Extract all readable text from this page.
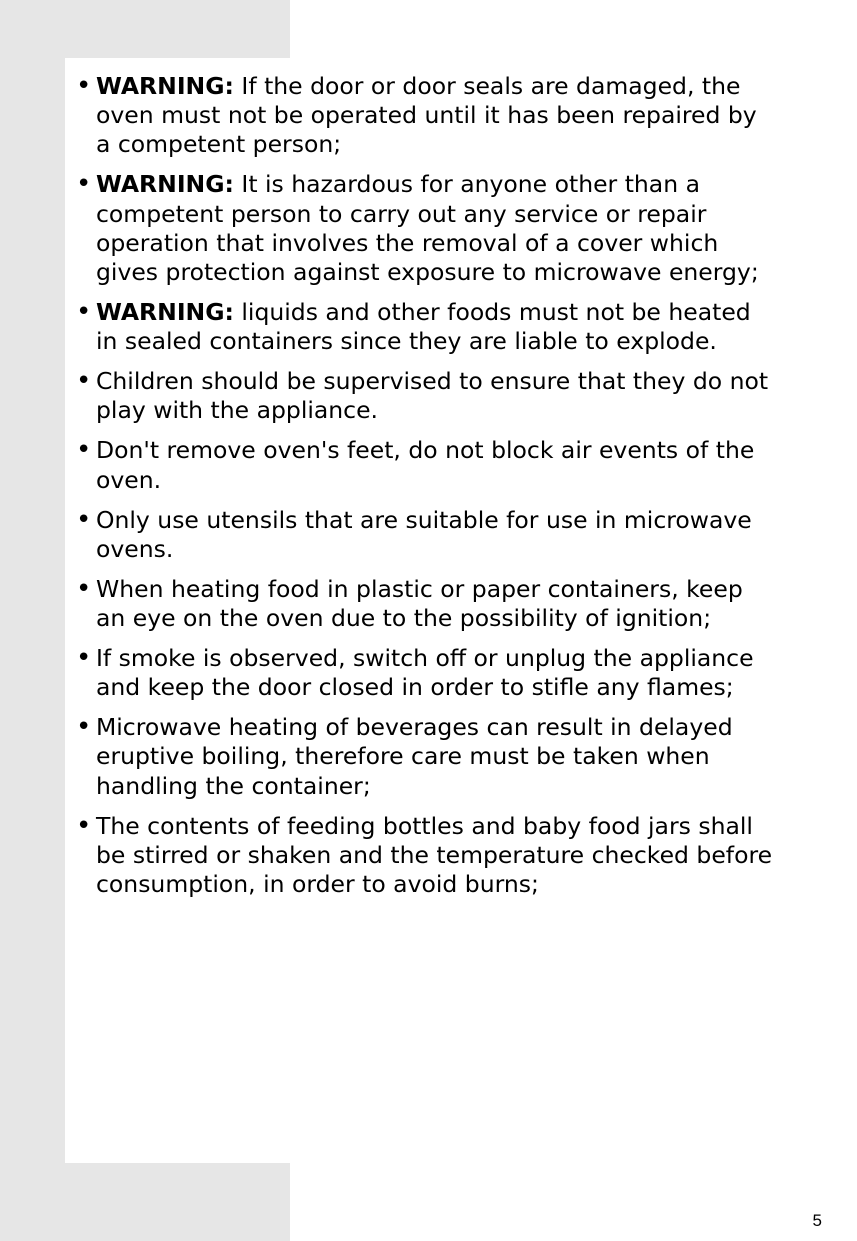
• WARNING: If the door or door seals are damaged, the oven must not be operated until it has been repaired by a competent person;
• WARNING: It is hazardous for anyone other than a competent person to carry out any service or repair operation that involves the removal of a cover which gives protection against exposure to microwave energy;
• WARNING: liquids and other foods must not be heated in sealed containers since they are liable to explode.
• Children should be supervised to ensure that they do not play with the appliance.
• Don't remove oven's feet, do not block air events of the oven.
• Only use utensils that are suitable for use in microwave ovens.
• When heating food in plastic or paper containers, keep an eye on the oven due to the possibility of ignition;
• If smoke is observed, switch off or unplug the appliance and keep the door closed in order to stifle any flames;
• Microwave heating of beverages can result in delayed eruptive boiling, therefore care must be taken when handling the container;
• The contents of feeding bottles and baby food jars shall be stirred or shaken and the temperature checked before consumption, in order to avoid burns;
5
